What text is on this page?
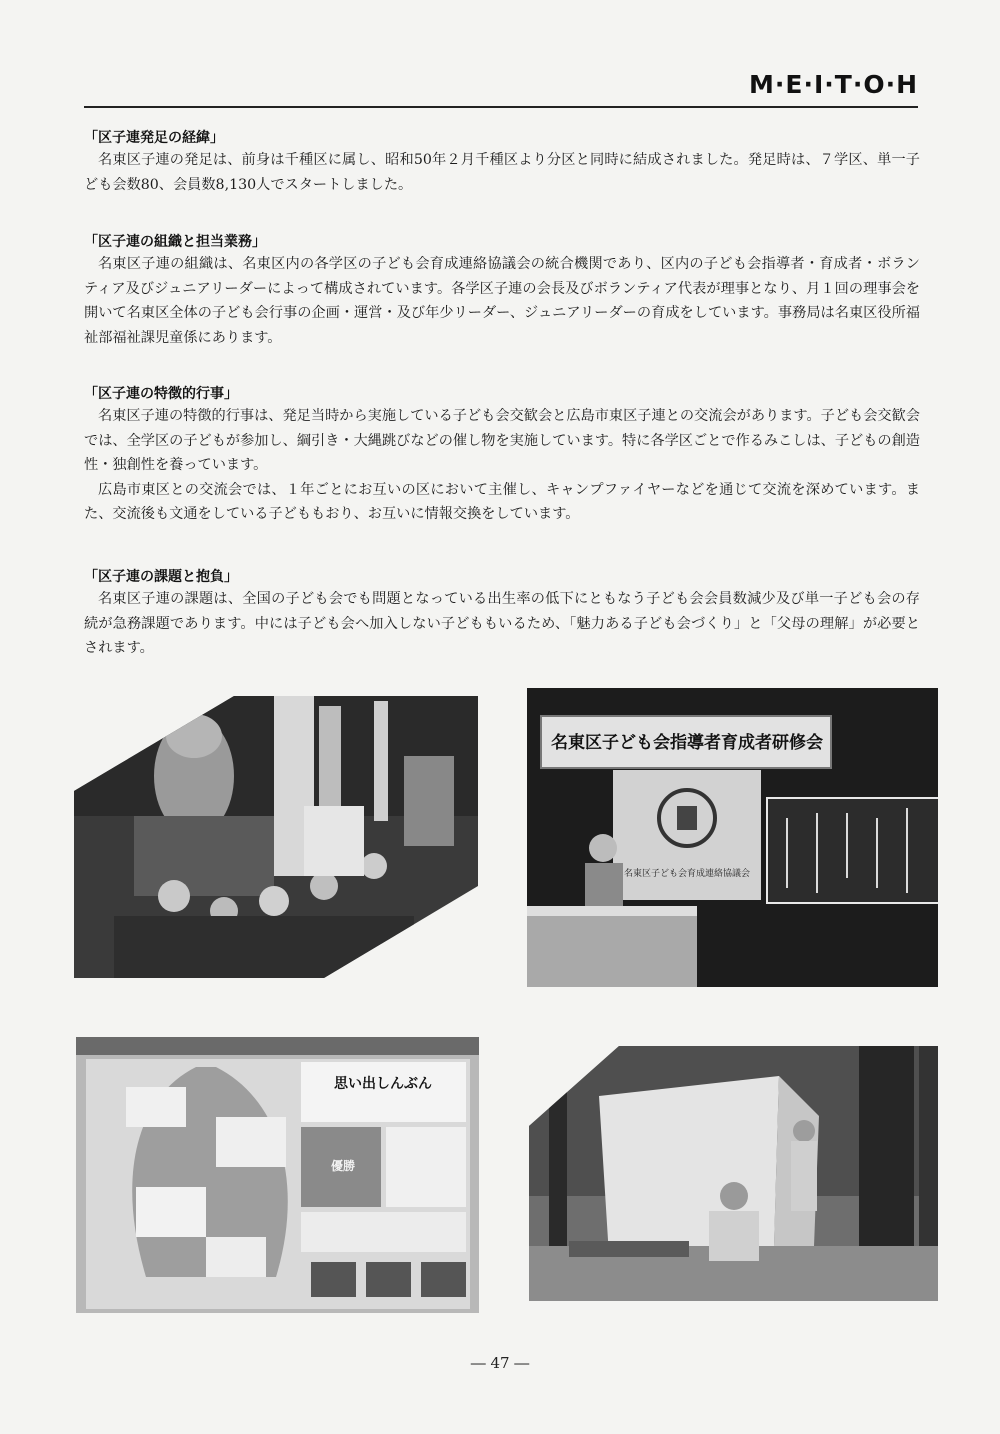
M·E·I·T·O·H
「区子連発足の経緯」
名東区子連の発足は、前身は千種区に属し、昭和50年２月千種区より分区と同時に結成されました。発足時は、７学区、単一子ども会数80、会員数8,130人でスタートしました。
「区子連の組織と担当業務」
名東区子連の組織は、名東区内の各学区の子ども会育成連絡協議会の統合機関であり、区内の子ども会指導者・育成者・ボランティア及びジュニアリーダーによって構成されています。各学区子連の会長及びボランティア代表が理事となり、月１回の理事会を開いて名東区全体の子ども会行事の企画・運営・及び年少リーダー、ジュニアリーダーの育成をしています。事務局は名東区役所福祉部福祉課児童係にあります。
「区子連の特徴的行事」
名東区子連の特徴的行事は、発足当時から実施している子ども会交歓会と広島市東区子連との交流会があります。子ども会交歓会では、全学区の子どもが参加し、綱引き・大縄跳びなどの催し物を実施しています。特に各学区ごとで作るみこしは、子どもの創造性・独創性を養っています。
広島市東区との交流会では、１年ごとにお互いの区において主催し、キャンプファイヤーなどを通じて交流を深めています。また、交流後も文通をしている子どももおり、お互いに情報交換をしています。
「区子連の課題と抱負」
名東区子連の課題は、全国の子ども会でも問題となっている出生率の低下にともなう子ども会会員数減少及び単一子ども会の存続が急務課題であります。中には子ども会へ加入しない子どももいるため、「魅力ある子ども会づくり」と「父母の理解」が必要とされます。
名東区子ども会指導者育成者研修会
名東区子ども会育成連絡協議会
思い出しんぶん
優勝
― 47 ―
